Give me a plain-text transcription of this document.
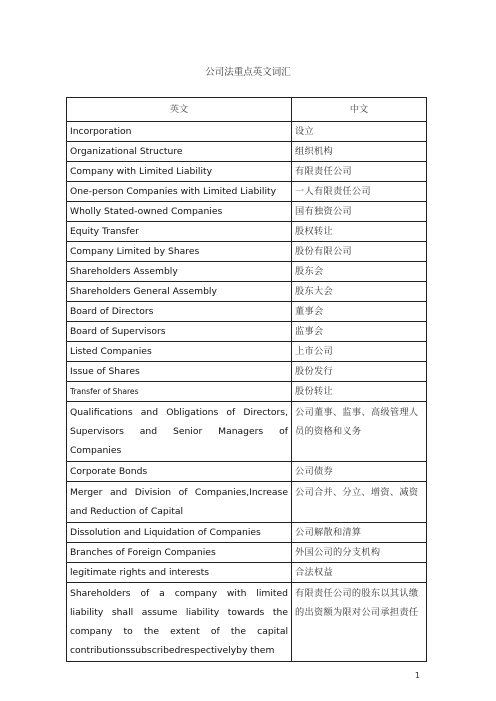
公司法重点英文词汇
英文	中文
Incorporation	设立
Organizational Structure	组织机构
Company with Limited Liability	有限责任公司
One-person Companies with Limited Liability	一人有限责任公司
Wholly Stated-owned Companies	国有独资公司
Equity Transfer	股权转让
Company Limited by Shares	股份有限公司
Shareholders Assembly	股东会
Shareholders General Assembly	股东大会
Board of Directors	董事会
Board of Supervisors	监事会
Listed Companies	上市公司
Issue of Shares	股份发行
Transfer of Shares	股份转让
Qualifications and Obligations of Directors, Supervisors and Senior Managers of Companies	公司董事、监事、高级管理人员的资格和义务
Corporate Bonds	公司债券
Merger and Division of Companies,Increase and Reduction of Capital	公司合并、分立、增资、减资
Dissolution and Liquidation of Companies	公司解散和清算
Branches of Foreign Companies	外国公司的分支机构
legitimate rights and interests	合法权益
Shareholders of a company with limited liability shall assume liability towards the company to the extent of the capital contributionssubscribedrespectivelyby them	有限责任公司的股东以其认缴的出资额为限对公司承担责任
1
